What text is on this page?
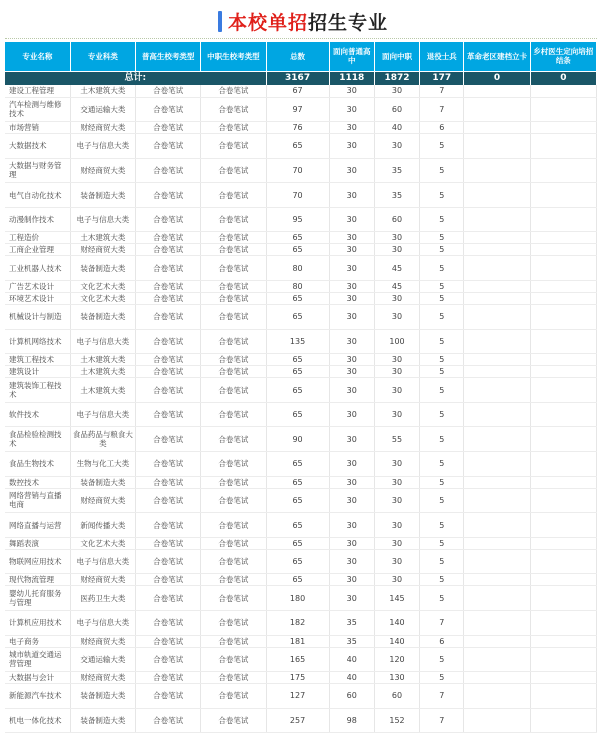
本校单招招生专业
专业名称	专业科类	普高生校考类型	中职生校考类型	总数	面向普通高中	面向中职	退役士兵	革命老区建档立卡	乡村医生定向培招结条
总计:				3167	1118	1872	177	0	0
建设工程管理	土木建筑大类	合卷笔试	合卷笔试	67	30	30	7		
汽车检测与维修技术	交通运输大类	合卷笔试	合卷笔试	97	30	60	7		
市场营销	财经商贸大类	合卷笔试	合卷笔试	76	30	40	6		
大数据技术	电子与信息大类	合卷笔试	合卷笔试	65	30	30	5		
大数据与财务管理	财经商贸大类	合卷笔试	合卷笔试	70	30	35	5		
电气自动化技术	装备制造大类	合卷笔试	合卷笔试	70	30	35	5		
动漫制作技术	电子与信息大类	合卷笔试	合卷笔试	95	30	60	5		
工程造价	土木建筑大类	合卷笔试	合卷笔试	65	30	30	5		
工商企业管理	财经商贸大类	合卷笔试	合卷笔试	65	30	30	5		
工业机器人技术	装备制造大类	合卷笔试	合卷笔试	80	30	45	5		
广告艺术设计	文化艺术大类	合卷笔试	合卷笔试	80	30	45	5		
环境艺术设计	文化艺术大类	合卷笔试	合卷笔试	65	30	30	5		
机械设计与制造	装备制造大类	合卷笔试	合卷笔试	65	30	30	5		
计算机网络技术	电子与信息大类	合卷笔试	合卷笔试	135	30	100	5		
建筑工程技术	土木建筑大类	合卷笔试	合卷笔试	65	30	30	5		
建筑设计	土木建筑大类	合卷笔试	合卷笔试	65	30	30	5		
建筑装饰工程技术	土木建筑大类	合卷笔试	合卷笔试	65	30	30	5		
软件技术	电子与信息大类	合卷笔试	合卷笔试	65	30	30	5		
食品检验检测技术	食品药品与粮食大类	合卷笔试	合卷笔试	90	30	55	5		
食品生物技术	生物与化工大类	合卷笔试	合卷笔试	65	30	30	5		
数控技术	装备制造大类	合卷笔试	合卷笔试	65	30	30	5		
网络营销与直播电商	财经商贸大类	合卷笔试	合卷笔试	65	30	30	5		
网络直播与运营	新闻传播大类	合卷笔试	合卷笔试	65	30	30	5		
舞蹈表演	文化艺术大类	合卷笔试	合卷笔试	65	30	30	5		
物联网应用技术	电子与信息大类	合卷笔试	合卷笔试	65	30	30	5		
现代物流管理	财经商贸大类	合卷笔试	合卷笔试	65	30	30	5		
婴幼儿托育服务与管理	医药卫生大类	合卷笔试	合卷笔试	180	30	145	5		
计算机应用技术	电子与信息大类	合卷笔试	合卷笔试	182	35	140	7		
电子商务	财经商贸大类	合卷笔试	合卷笔试	181	35	140	6		
城市轨道交通运营管理	交通运输大类	合卷笔试	合卷笔试	165	40	120	5		
大数据与会计	财经商贸大类	合卷笔试	合卷笔试	175	40	130	5		
新能源汽车技术	装备制造大类	合卷笔试	合卷笔试	127	60	60	7		
机电一体化技术	装备制造大类	合卷笔试	合卷笔试	257	98	152	7		
